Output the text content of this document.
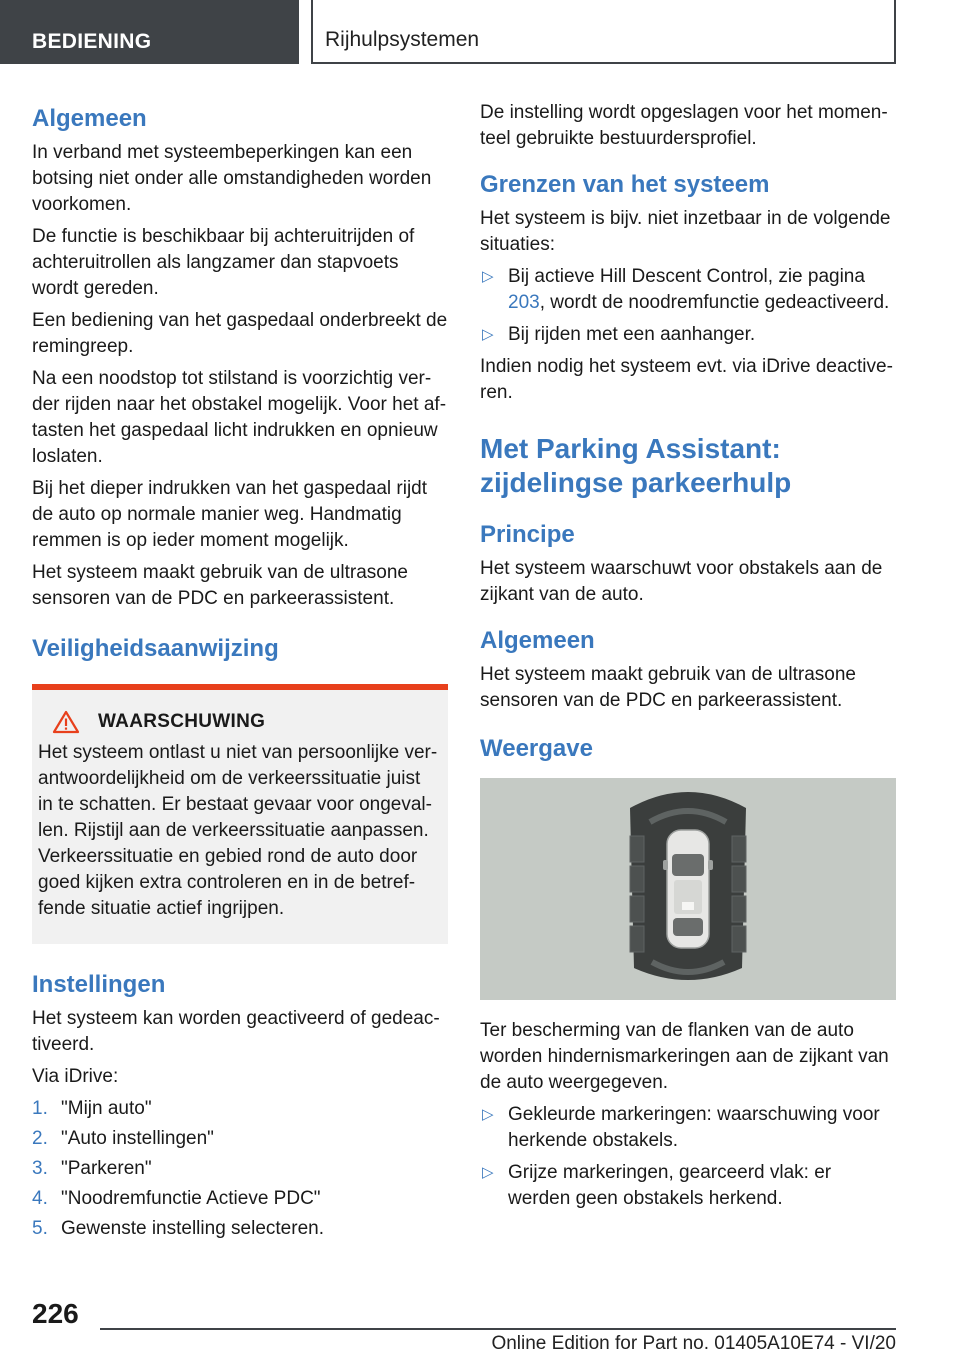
BEDIENING	Rijhulpsystemen
Algemeen

In verband met systeembeperkingen kan een botsing niet onder alle omstandigheden worden voorkomen.

De functie is beschikbaar bij achteruitrijden of achteruitrollen als langzamer dan stapvoets wordt gereden.

Een bediening van het gaspedaal onderbreekt de remingreep.

Na een noodstop tot stilstand is voorzichtig verder rijden naar het obstakel mogelijk. Voor het aftasten het gaspedaal licht indrukken en opnieuw loslaten.

Bij het dieper indrukken van het gaspedaal rijdt de auto op normale manier weg. Handmatig remmen is op ieder moment mogelijk.

Het systeem maakt gebruik van de ultrasone sensoren van de PDC en parkeerassistent.

Veiligheidsaanwijzing
WAARSCHUWING

Het systeem ontlast u niet van persoonlijke verantwoordelijkheid om de verkeerssituatie juist in te schatten. Er bestaat gevaar voor ongevallen. Rijstijl aan de verkeerssituatie aanpassen. Verkeerssituatie en gebied rond de auto door goed kijken extra controleren en in de betreffende situatie actief ingrijpen.

Instellingen

Het systeem kan worden geactiveerd of gedeactiveerd.

Via iDrive:

1. "Mijn auto"
2. "Auto instellingen"
3. "Parkeren"
4. "Noodremfunctie Actieve PDC"
5. Gewenste instelling selecteren.

De instelling wordt opgeslagen voor het momenteel gebruikte bestuurdersprofiel.

Grenzen van het systeem

Het systeem is bijv. niet inzetbaar in de volgende situaties:

▷ Bij actieve Hill Descent Control, zie pagina 203, wordt de noodremfunctie gedeactiveerd.
▷ Bij rijden met een aanhanger.

Indien nodig het systeem evt. via iDrive deactiveren.

Met Parking Assistant: zijdelingse parkeerhulp
Principe

Het systeem waarschuwt voor obstakels aan de zijkant van de auto.

Algemeen

Het systeem maakt gebruik van de ultrasone sensoren van de PDC en parkeerassistent.

Weergave

Ter bescherming van de flanken van de auto worden hindernismarkeringen aan de zijkant van de auto weergegeven.

▷ Gekleurde markeringen: waarschuwing voor herkende obstakels.
▷ Grijze markeringen, gearceerd vlak: er werden geen obstakels herkend.
226
Online Edition for Part no. 01405A10E74 - VI/20
